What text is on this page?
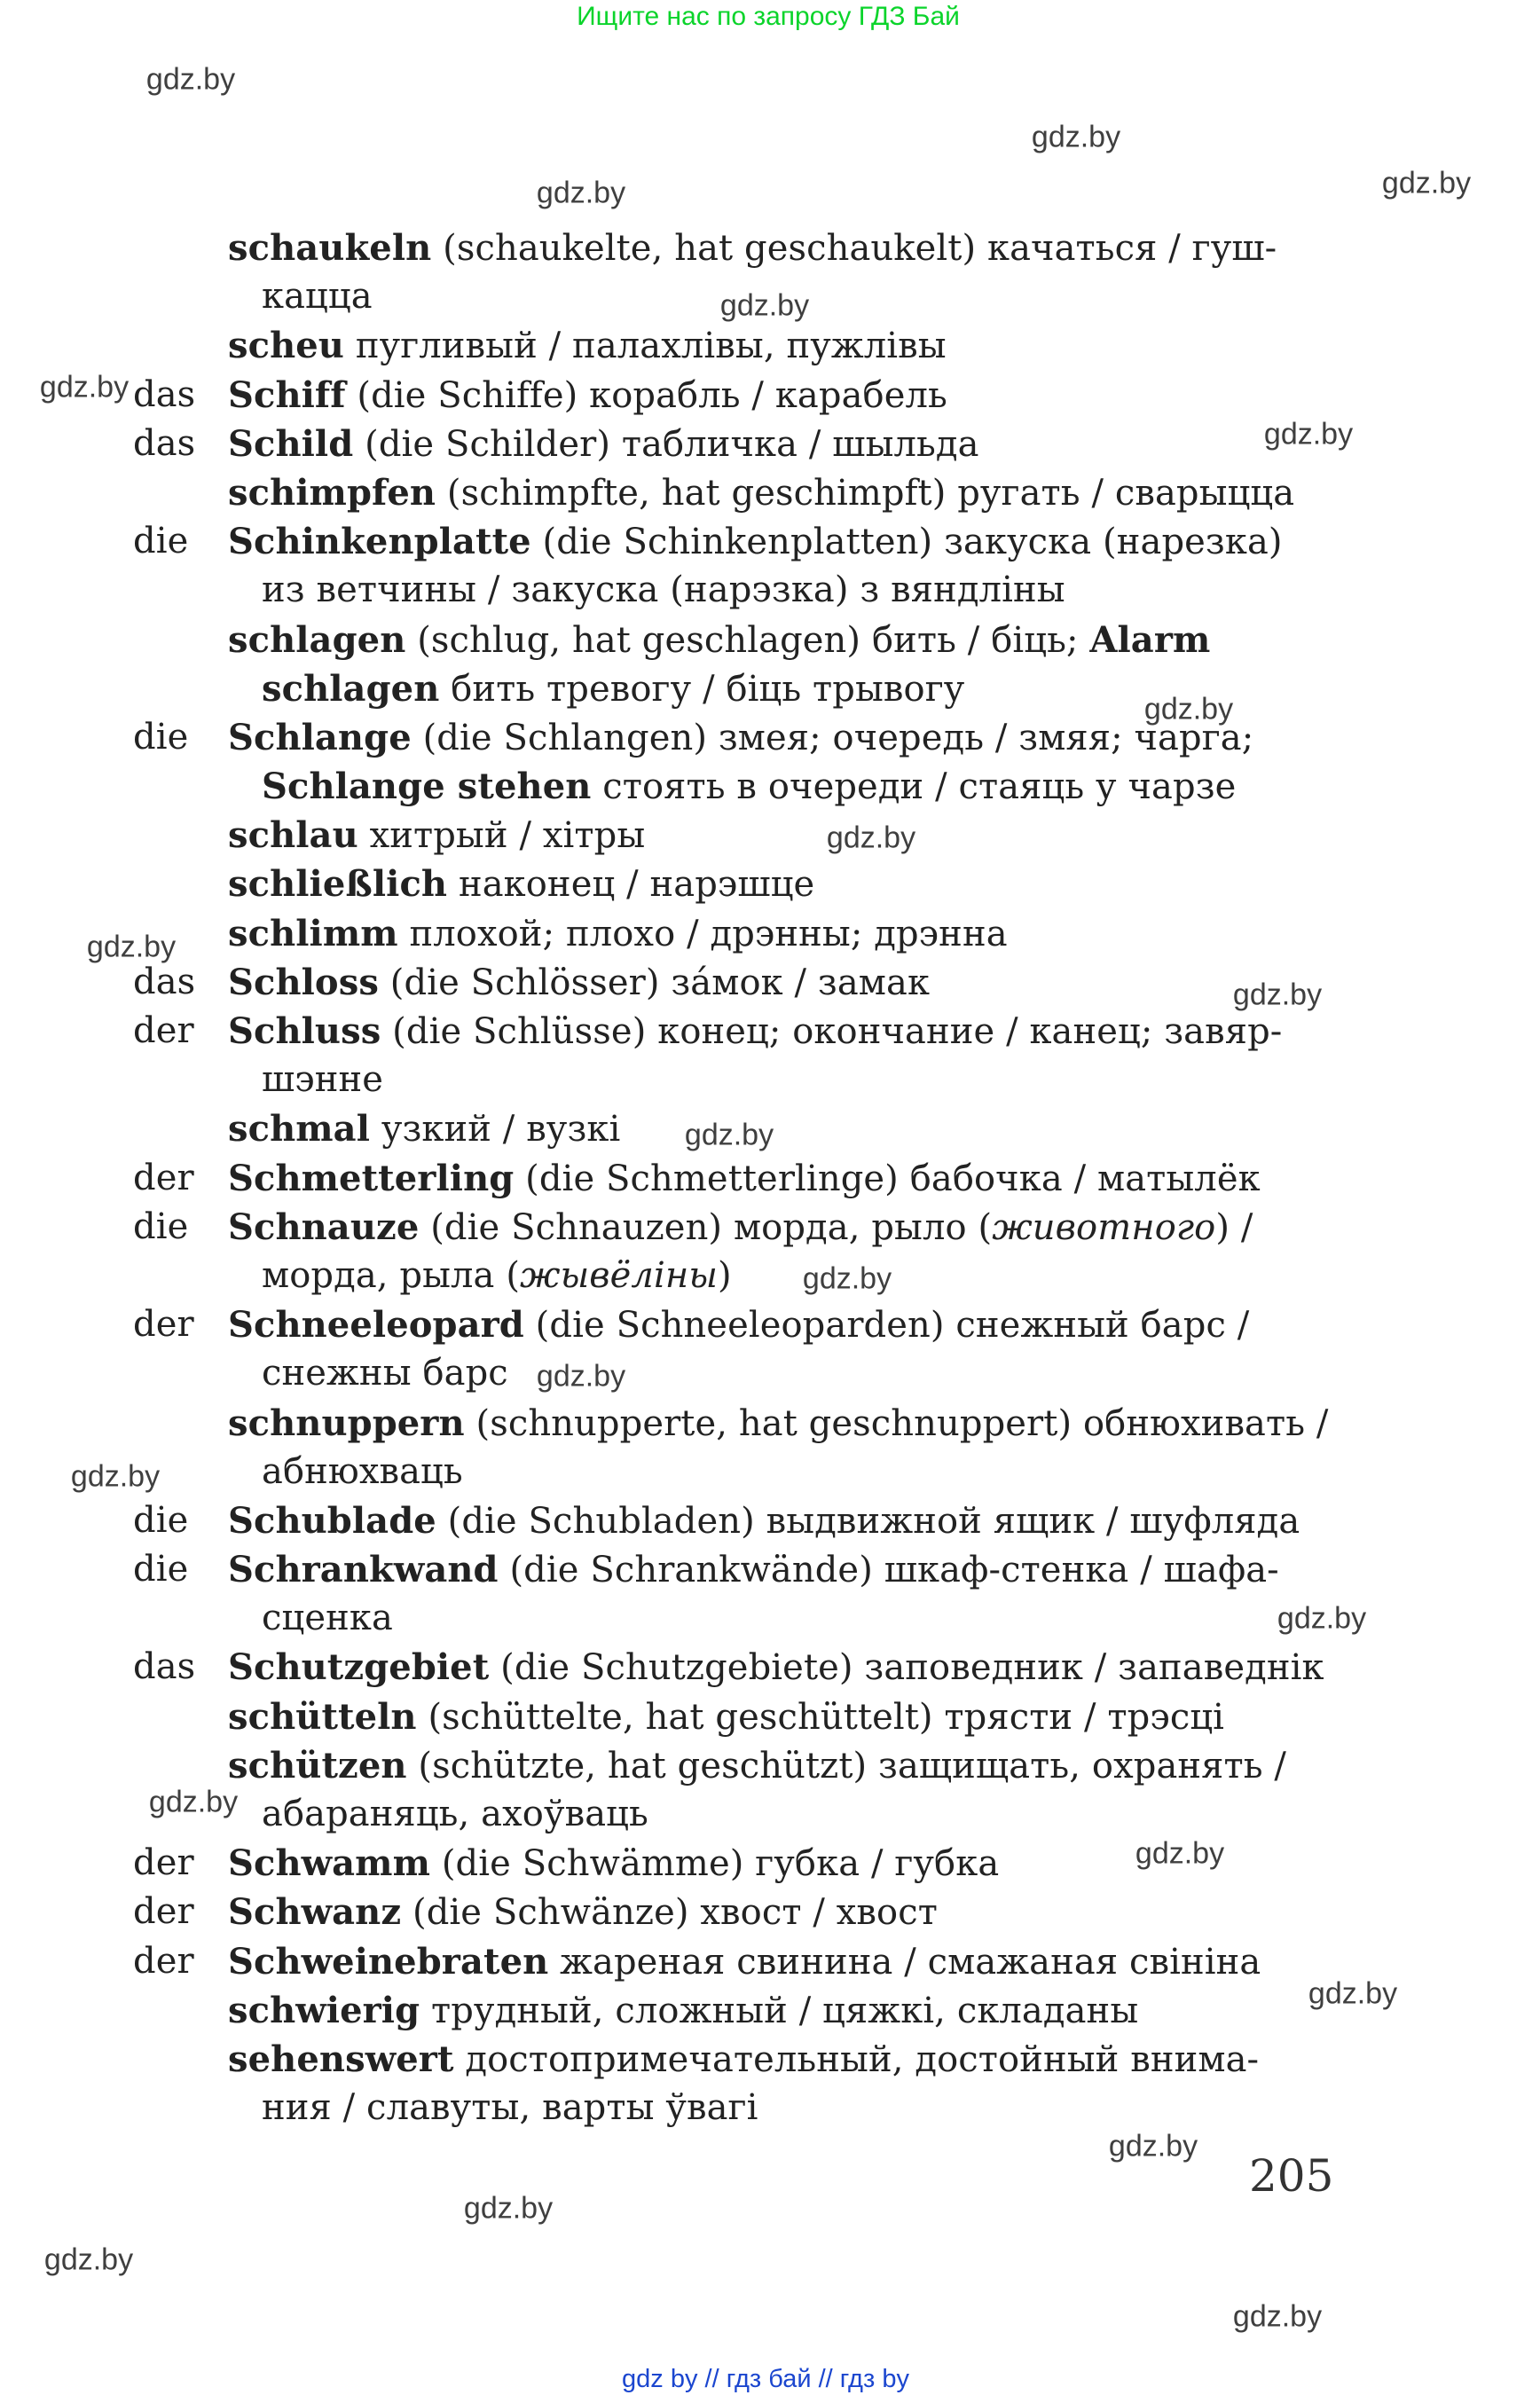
Ищите нас по запросу ГДЗ Бай
gdz.by
gdz.by
gdz.by
gdz.by
gdz.by
gdz.by
gdz.by
gdz.by
gdz.by
gdz.by
gdz.by
gdz.by
gdz.by
gdz.by
gdz.by
gdz.by
gdz.by
gdz.by
gdz.by
gdz.by
gdz.by
gdz.by
gdz.by
schaukeln (schaukelte, hat geschaukelt) качаться / гуш-
кацца
scheu пугливый / палахлівы, пужлівы
das Schiff (die Schiffe) корабль / карабель
das Schild (die Schilder) табличка / шыльда
schimpfen (schimpfte, hat geschimpft) ругать / сварыцца
die	Schinkenplatte (die Schinkenplatten) закуска (нарезка)
из ветчины / закуска (нарэзка) з вяндліны
schlagen (schlug, hat geschlagen) бить / біць; Alarm
schlagen бить тревогу / біць трывогу
die	Schlange (die Schlangen) змея; очередь / змяя; чарга;
Schlange stehen стоять в очереди / стаяць у чарзе
schlau хитрый / хітры
schließlich наконец / нарэшце
schlimm плохой; плохо / дрэнны; дрэнна
das Schloss (die Schlösser) за́мок / замак
der Schluss (die Schlüsse) конец; окончание / канец; завяр-
шэнне
schmal узкий / вузкі
der Schmetterling (die Schmetterlinge) бабочка / матылёк
die	Schnauze (die Schnauzen) морда, рыло (животного) /
морда, рыла (жывёліны)
der Schneeleopard (die Schneeleoparden) снежный барс /
снежны барс
schnuppern (schnupperte, hat geschnuppert) обнюхивать /
абнюхваць
die	Schublade (die Schubladen) выдвижной ящик / шуфляда
die	Schrankwand (die Schrankwände) шкаф-стенка / шафа-
сценка
das Schutzgebiet (die Schutzgebiete) заповедник / запаведнік
schütteln (schüttelte, hat geschüttelt) трясти / трэсці
schützen (schützte, hat geschützt) защищать, охранять /
абараняць, ахоўваць
der Schwamm (die Schwämme) губка / губка
der Schwanz (die Schwänze) хвост / хвост
der Schweinebraten жареная свинина / смажаная свініна
schwierig трудный, сложный / цяжкі, складаны
sehenswert достопримечательный, достойный внима-
ния / славуты, варты ўвагі
205
gdz by // гдз бай // гдз by
